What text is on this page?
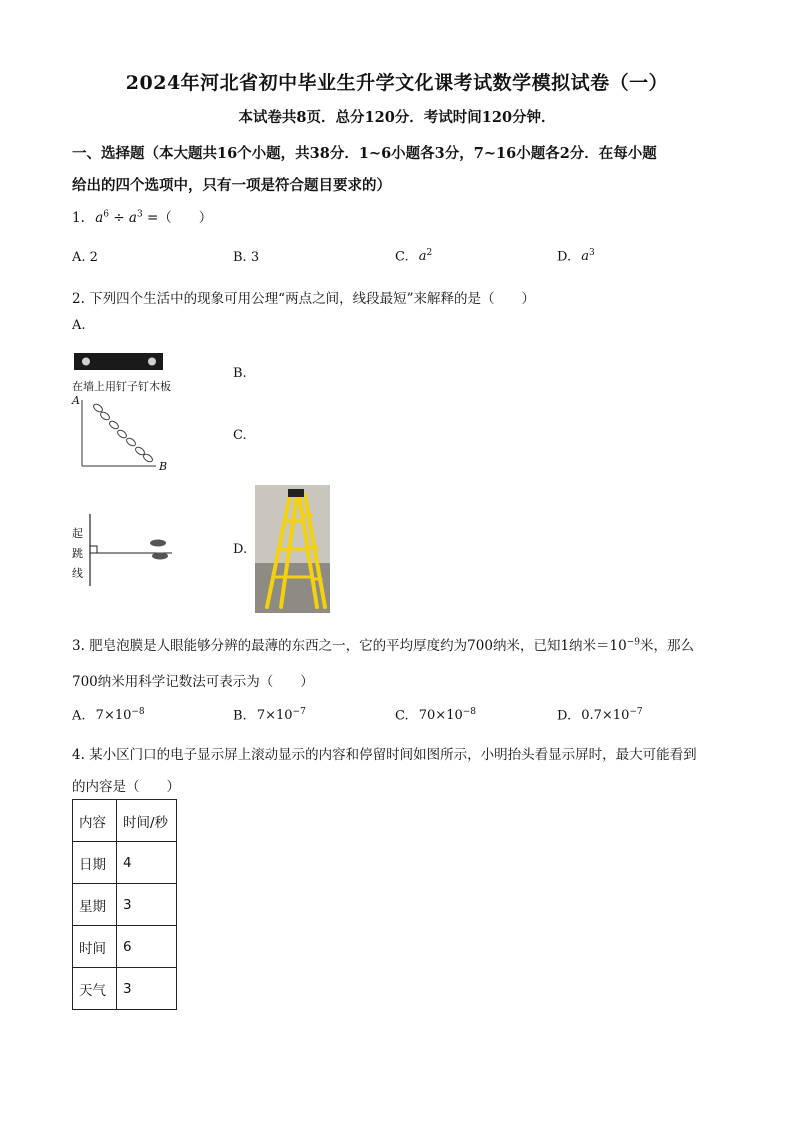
2024年河北省初中毕业生升学文化课考试数学模拟试卷（一）
本试卷共8页．总分120分．考试时间120分钟．
一、选择题（本大题共16个小题，共38分．1~6小题各3分，7~16小题各2分．在每小题
给出的四个选项中，只有一项是符合题目要求的）
1. $a^6 \div a^3$ =（　　）
A. 2	B. 3	C. $a^2$	D. $a^3$
2. 下列四个生活中的现象可用公理“两点之间，线段最短”来解释的是（　　）
A.
在墙上用钉子钉木板
B.
A
B
C.
起
跳
线
D.
3. 肥皂泡膜是人眼能够分辨的最薄的东西之一，它的平均厚度约为700纳米，已知1纳米$=10^{-9}$米，那么
700纳米用科学记数法可表示为（　　）
A. $7\times 10^{-8}$	B. $7\times 10^{-7}$	C. $70\times 10^{-8}$	D. $0.7\times 10^{-7}$
4. 某小区门口的电子显示屏上滚动显示的内容和停留时间如图所示，小明抬头看显示屏时，最大可能看到
的内容是（　　）
内容	时间/秒
日期	4
星期	3
时间	6
天气	3
